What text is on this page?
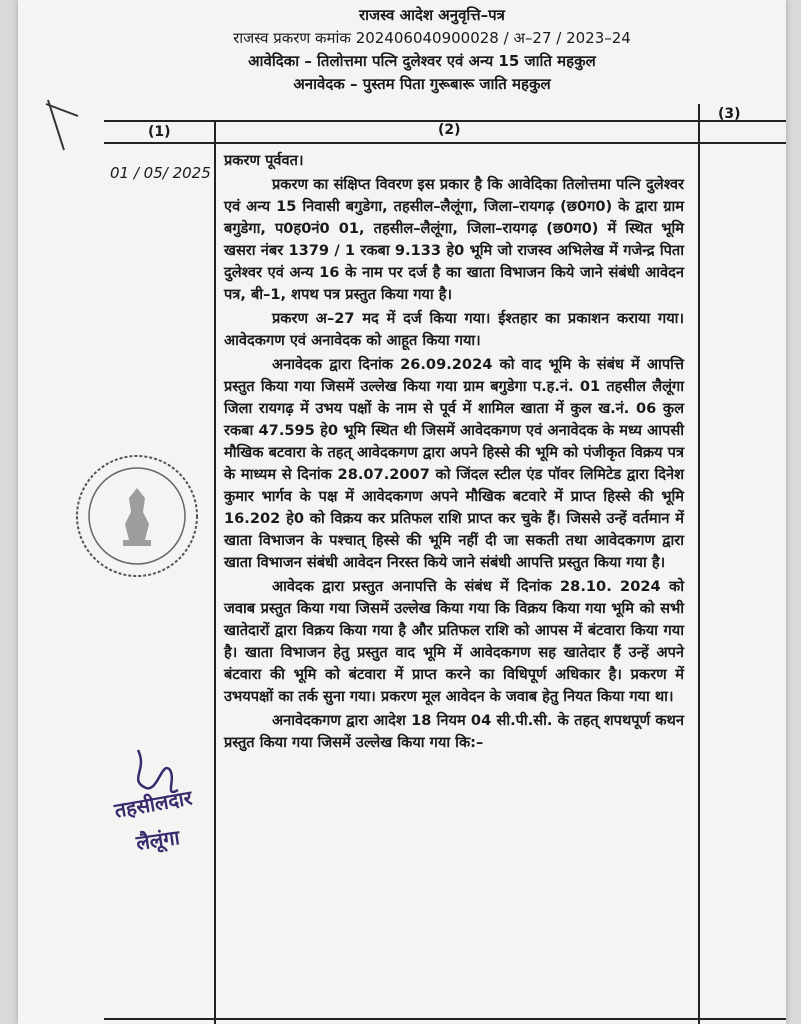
राजस्व आदेश अनुवृत्ति–पत्र
राजस्व प्रकरण कमांक 202406040900028 / अ–27 / 2023–24
आवेदिका – तिलोत्तमा पत्नि दुलेश्वर एवं अन्य 15 जाति महकुल
अनावेदक – पुस्तम पिता गुरूबारू जाति महकुल
(1)	(2)
(3)
01 / 05/ 2025

प्रकरण पूर्ववत।

प्रकरण का संक्षिप्त विवरण इस प्रकार है कि आवेदिका तिलोत्तमा पत्नि दुलेश्वर एवं अन्य 15 निवासी बगुडेगा, तहसील–लैलूंगा, जिला–रायगढ़ (छ0ग0) के द्वारा ग्राम बगुडेगा, प0ह0नं0 01, तहसील–लैलूंगा, जिला–रायगढ़ (छ0ग0) में स्थित भूमि खसरा नंबर 1379 / 1 रकबा 9.133 हे0 भूमि जो राजस्व अभिलेख में गजेन्द्र पिता दुलेश्वर एवं अन्य 16 के नाम पर दर्ज है का खाता विभाजन किये जाने संबंधी आवेदन पत्र, बी–1, शपथ पत्र प्रस्तुत किया गया है।

प्रकरण अ–27 मद में दर्ज किया गया। ईश्तहार का प्रकाशन कराया गया। आवेदकगण एवं अनावेदक को आहूत किया गया।

अनावेदक द्वारा दिनांक 26.09.2024 को वाद भूमि के संबंध में आपत्ति प्रस्तुत किया गया जिसमें उल्लेख किया गया ग्राम बगुडेगा प.ह.नं. 01 तहसील लैलूंगा जिला रायगढ़ में उभय पक्षों के नाम से पूर्व में शामिल खाता में कुल ख.नं. 06 कुल रकबा 47.595 हे0 भूमि स्थित थी जिसमें आवेदकगण एवं अनावेदक के मध्य आपसी मौखिक बटवारा के तहत् आवेदकगण द्वारा अपने हिस्से की भूमि को पंजीकृत विक्रय पत्र के माध्यम से दिनांक 28.07.2007 को जिंदल स्टील एंड पॉवर लिमिटेड द्वारा दिनेश कुमार भार्गव के पक्ष में आवेदकगण अपने मौखिक बटवारे में प्राप्त हिस्से की भूमि 16.202 हे0 को विक्रय कर प्रतिफल राशि प्राप्त कर चुके हैं। जिससे उन्हें वर्तमान में खाता विभाजन के पश्चात् हिस्से की भूमि नहीं दी जा सकती तथा आवेदकगण द्वारा खाता विभाजन संबंधी आवेदन निरस्त किये जाने संबंधी आपत्ति प्रस्तुत किया गया है।

आवेदक द्वारा प्रस्तुत अनापत्ति के संबंध में दिनांक 28.10. 2024 को जवाब प्रस्तुत किया गया जिसमें उल्लेख किया गया कि विक्रय किया गया भूमि को सभी खातेदारों द्वारा विक्रय किया गया है और प्रतिफल राशि को आपस में बंटवारा किया गया है। खाता विभाजन हेतु प्रस्तुत वाद भूमि में आवेदकगण सह खातेदार हैं उन्हें अपने बंटवारा की भूमि को बंटवारा में प्राप्त करने का विधिपूर्ण अधिकार है। प्रकरण में उभयपक्षों का तर्क सुना गया। प्रकरण मूल आवेदन के जवाब हेतु नियत किया गया था।

अनावेदकगण द्वारा आदेश 18 नियम 04 सी.पी.सी. के तहत् शपथपूर्ण कथन प्रस्तुत किया गया जिसमें उल्लेख किया गया कि:–

तहसीलदार
लैलूंगा
